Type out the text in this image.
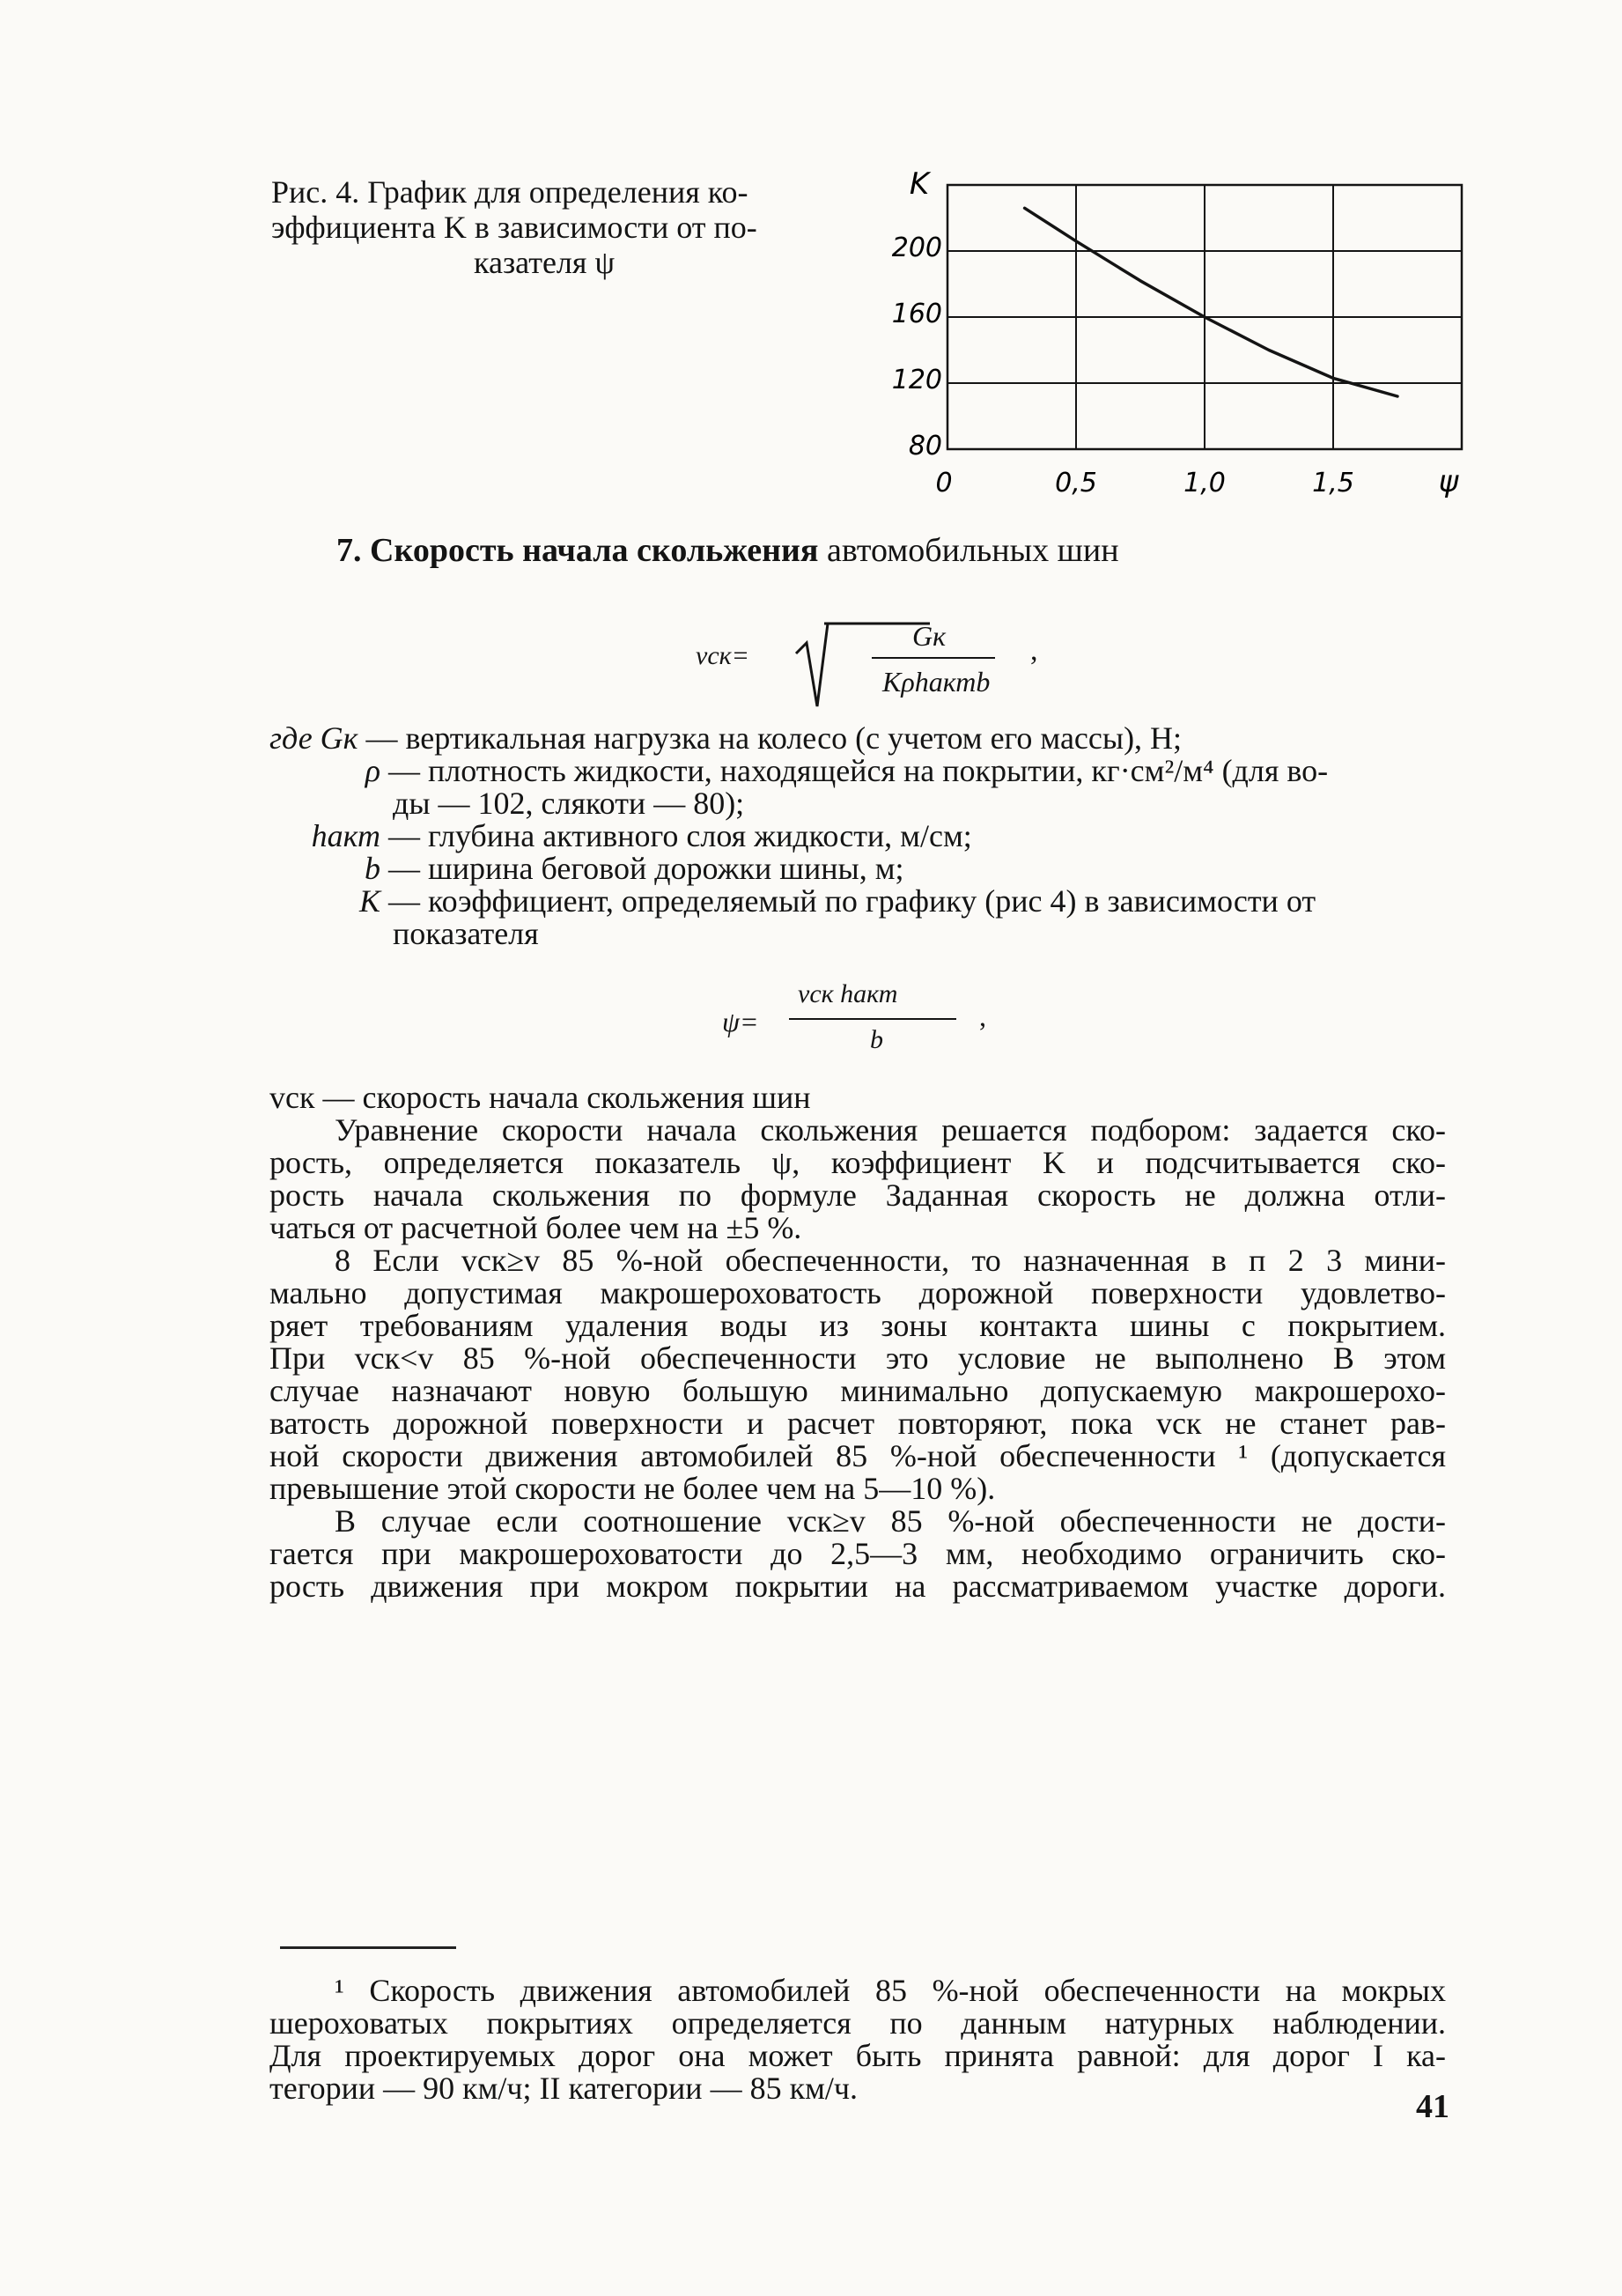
Рис. 4. График для определения ко-
эффициента K в зависимости от по-
казателя ψ	200
160
120
80
0	0,5	1,0	1,5
K
ψ
7. Скорость начала скольжения автомобильных шин
vск=
Gк
Kρhактb
,
где Gк — вертикальная нагрузка на колесо (с учетом его массы), H;
ρ — плотность жидкости, находящейся на покрытии, кг·см²/м⁴ (для во-
ды — 102, слякоти — 80);
hакт — глубина активного слоя жидкости, м/см;
b — ширина беговой дорожки шины, м;
K — коэффициент, определяемый по графику (рис 4) в зависимости от
показателя
ψ=
vск hакт
b
,
vск — скорость начала скольжения шин
Уравнение скорости начала скольжения решается подбором: задается ско-
рость, определяется показатель ψ, коэффициент K и подсчитывается ско-
рость начала скольжения по формуле Заданная скорость не должна отли-
чаться от расчетной более чем на ±5 %.
8 Если vск≥v 85 %-ной обеспеченности, то назначенная в п 2 3 мини-
мально допустимая макрошероховатость дорожной поверхности удовлетво-
ряет требованиям удаления воды из зоны контакта шины с покрытием.
При vск<v 85 %-ной обеспеченности это условие не выполнено В этом
случае назначают новую большую минимально допускаемую макрошерохо-
ватость дорожной поверхности и расчет повторяют, пока vск не станет рав-
ной скорости движения автомобилей 85 %-ной обеспеченности ¹ (допускается
превышение этой скорости не более чем на 5—10 %).
В случае если соотношение vск≥v 85 %-ной обеспеченности не дости-
гается при макрошероховатости до 2,5—3 мм, необходимо ограничить ско-
рость движения при мокром покрытии на рассматриваемом участке дороги.
¹ Скорость движения автомобилей 85 %-ной обеспеченности на мокрых
шероховатых покрытиях определяется по данным натурных наблюдении.
Для проектируемых дорог она может быть принята равной: для дорог I ка-
тегории — 90 км/ч; II категории — 85 км/ч.	41
